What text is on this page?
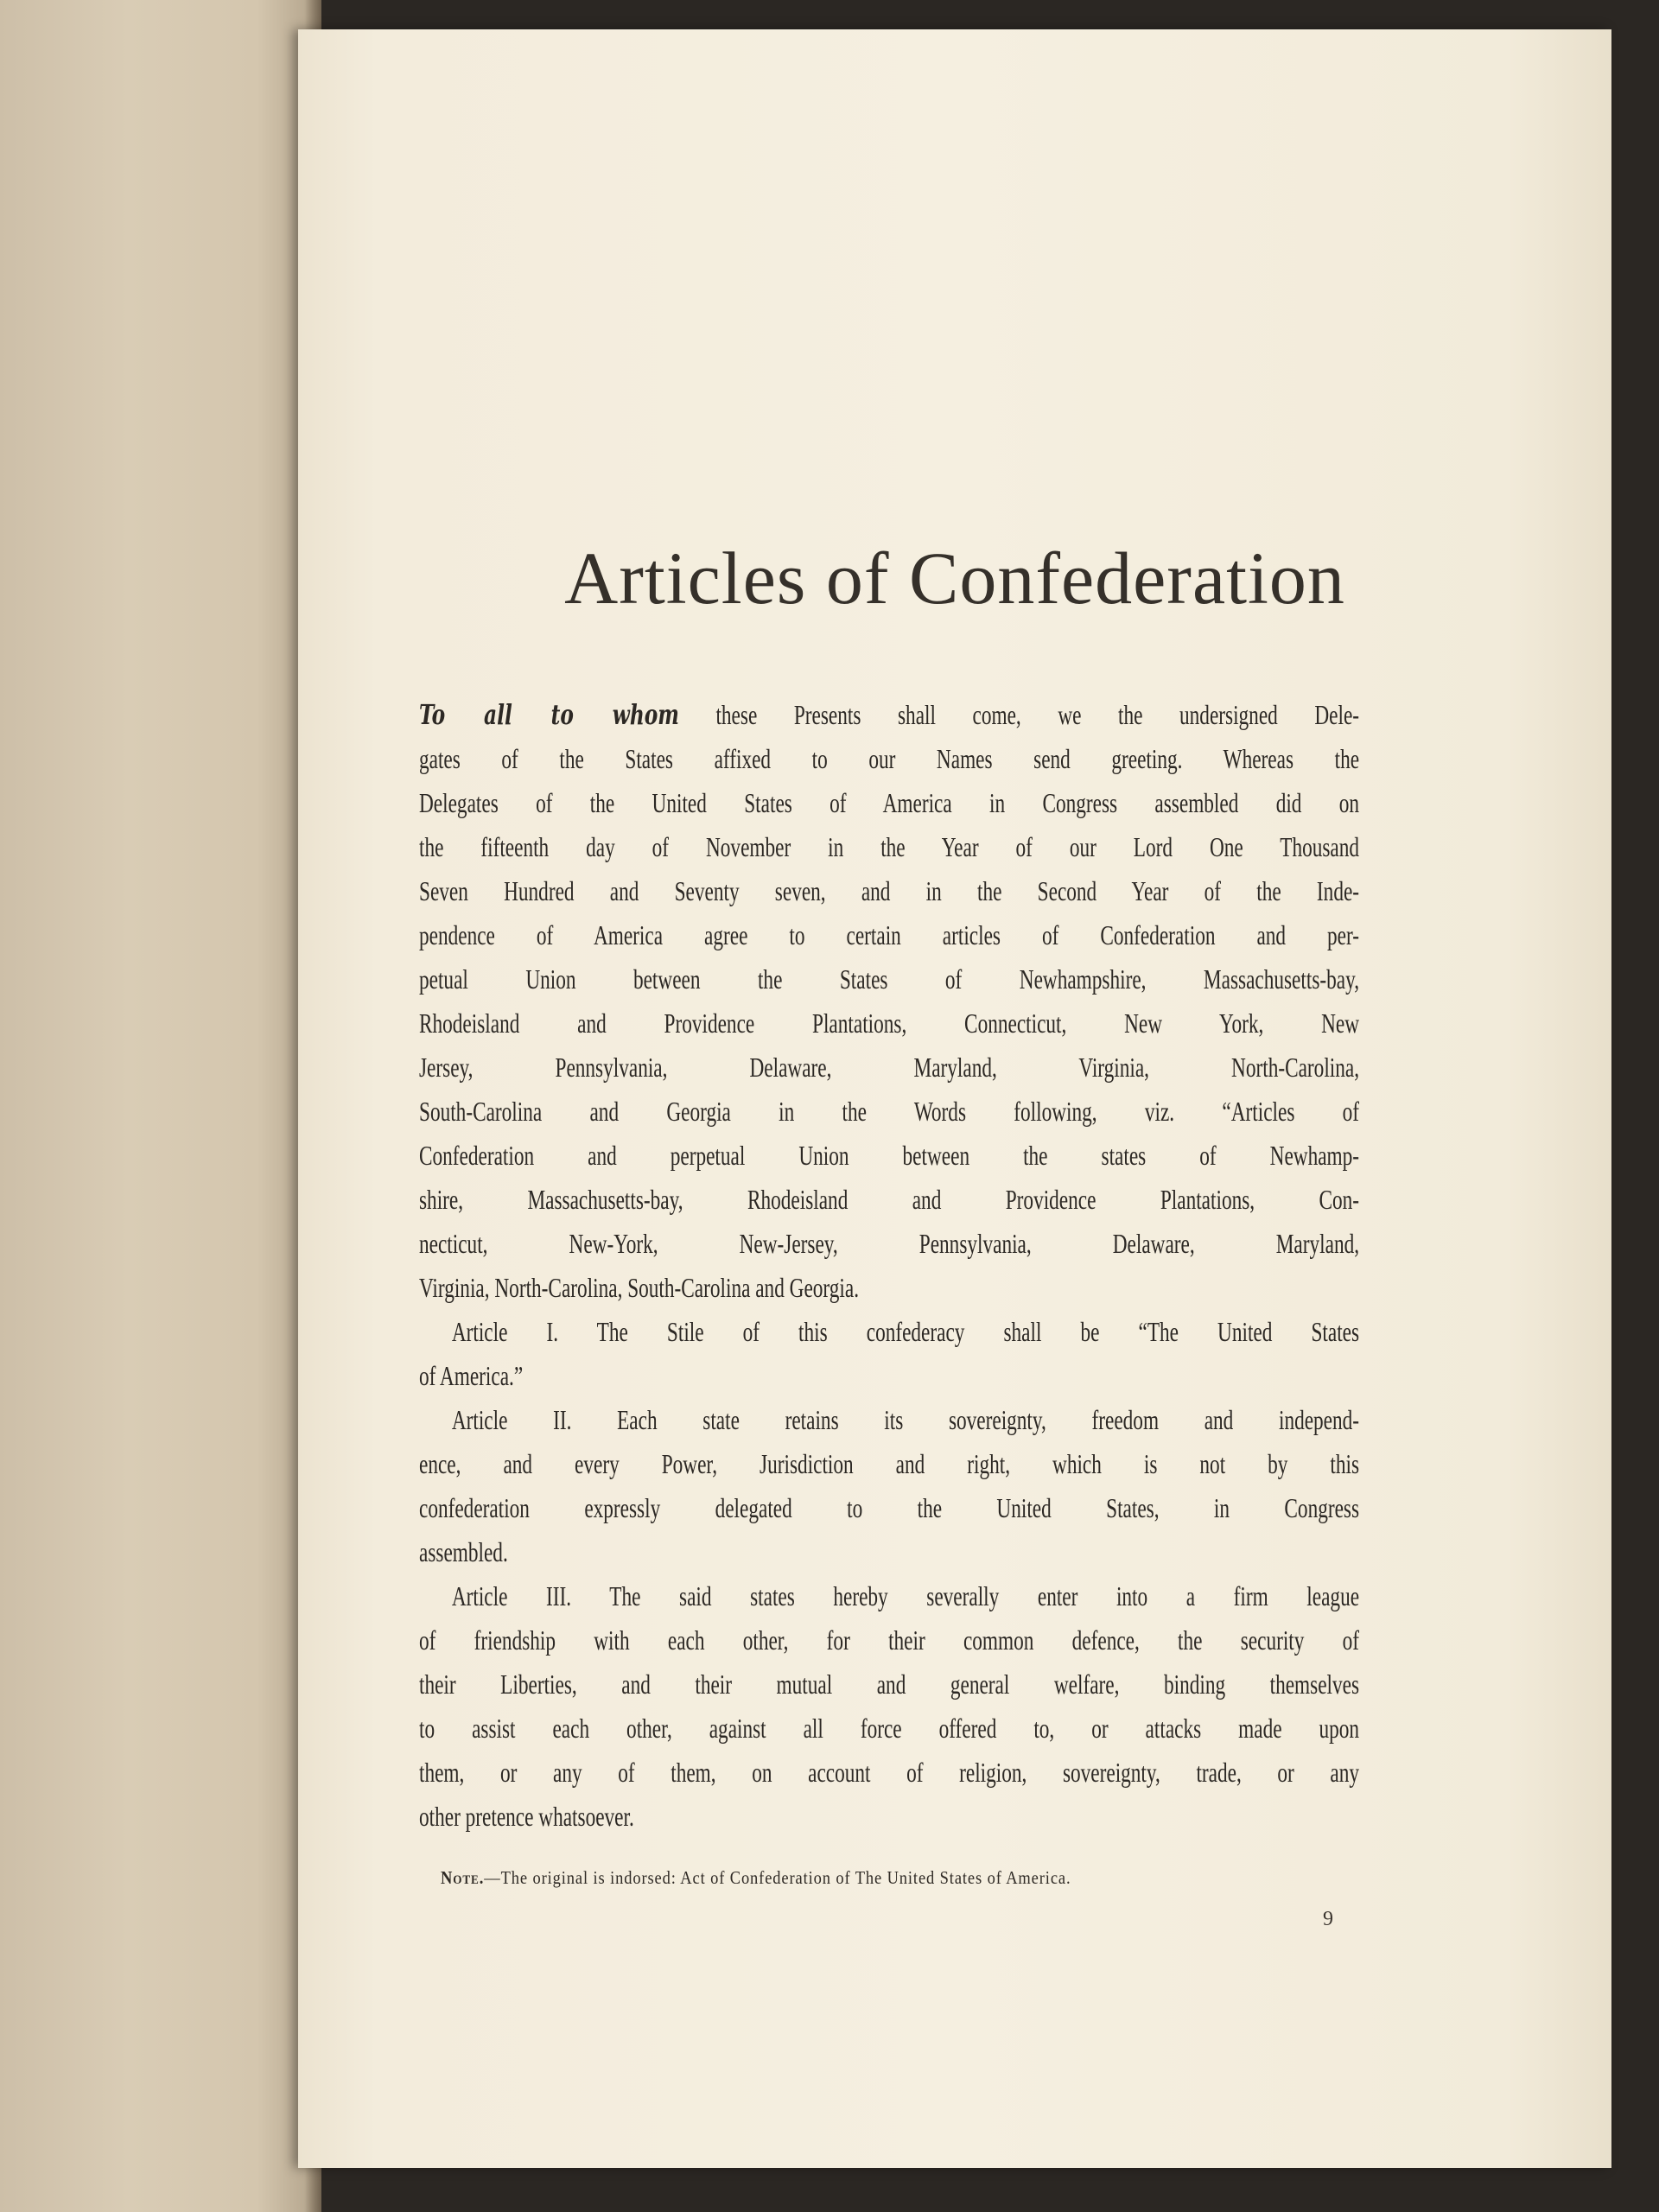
Articles of Confederation
To all to whom these Presents shall come, we the undersigned Dele-
gates of the States affixed to our Names send greeting. Whereas the
Delegates of the United States of America in Congress assembled did on
the fifteenth day of November in the Year of our Lord One Thousand
Seven Hundred and Seventy seven, and in the Second Year of the Inde-
pendence of America agree to certain articles of Confederation and per-
petual Union between the States of Newhampshire, Massachusetts-bay,
Rhodeisland and Providence Plantations, Connecticut, New York, New
Jersey, Pennsylvania, Delaware, Maryland, Virginia, North-Carolina,
South-Carolina and Georgia in the Words following, viz. “Articles of
Confederation and perpetual Union between the states of Newhamp-
shire, Massachusetts-bay, Rhodeisland and Providence Plantations, Con-
necticut, New-York, New-Jersey, Pennsylvania, Delaware, Maryland,
Virginia, North-Carolina, South-Carolina and Georgia.
Article I. The Stile of this confederacy shall be “The United States
of America.”
Article II. Each state retains its sovereignty, freedom and independ-
ence, and every Power, Jurisdiction and right, which is not by this
confederation expressly delegated to the United States, in Congress
assembled.
Article III. The said states hereby severally enter into a firm league
of friendship with each other, for their common defence, the security of
their Liberties, and their mutual and general welfare, binding themselves
to assist each other, against all force offered to, or attacks made upon
them, or any of them, on account of religion, sovereignty, trade, or any
other pretence whatsoever.
Note.—The original is indorsed: Act of Confederation of The United States of America.
9
